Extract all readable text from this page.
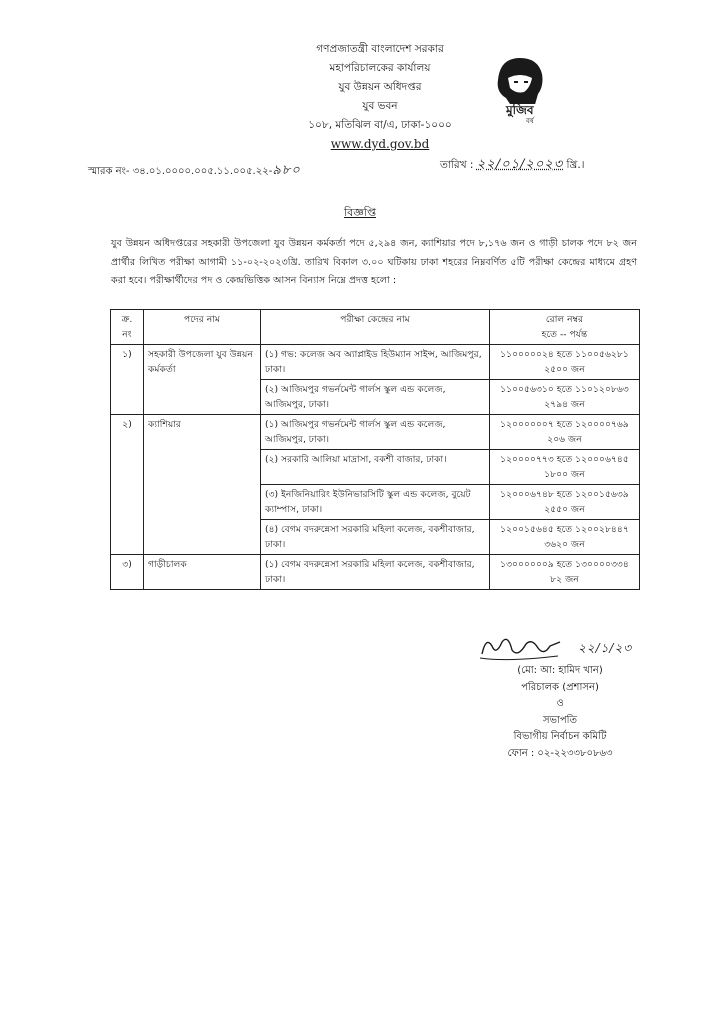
গণপ্রজাতন্ত্রী বাংলাদেশ সরকার
মহাপরিচালকের কার্যালয়
যুব উন্নয়ন অধিদপ্তর
যুব ভবন
১০৮, মতিঝিল বা/এ, ঢাকা-১০০০
www.dyd.gov.bd
মুজিব
বর্ষ
স্মারক নং- ৩৪.০১.০০০০.০০৫.১১.০০৫.২২-৯৮০	তারিখ : ২২/০১/২০২৩ খ্রি.।
বিজ্ঞপ্তি
যুব উন্নয়ন অধিদপ্তরের সহকারী উপজেলা যুব উন্নয়ন কর্মকর্তা পদে ৫,২৯৪ জন, ক্যাশিয়ার পদে ৮,১৭৬ জন ও গাড়ী চালক পদে ৮২ জন প্রার্থীর লিখিত পরীক্ষা আগামী ১১-০২-২০২৩খ্রি. তারিখ বিকাল ৩.০০ ঘটিকায় ঢাকা শহরের নিম্নবর্ণিত ৫টি পরীক্ষা কেন্দ্রের মাধ্যমে গ্রহণ করা হবে। পরীক্ষার্থীদের পদ ও কেন্দ্রভিত্তিক আসন বিন্যাস নিম্নে প্রদত্ত হলো :
ক্র.
নং	পদের নাম	পরীক্ষা কেন্দ্রের নাম	রোল নম্বর
হতে -- পর্যন্ত
১)	সহকারী উপজেলা যুব উন্নয়ন কর্মকর্তা	(১) গভ: কলেজ অব অ্যাপ্লাইড হিউম্যান সাইন্স, আজিমপুর, ঢাকা।	১১০০০০০২৪ হতে ১১০০৫৬২৮১
২৫০০ জন
		(২) আজিমপুর গভর্নমেন্ট গার্লস স্কুল এন্ড কলেজ, আজিমপুর, ঢাকা।	১১০০৫৬৩১০ হতে ১১০১২০৮৬৩
২৭৯৪ জন
২)	ক্যাশিয়ার	(১) আজিমপুর গভর্নমেন্ট গার্লস স্কুল এন্ড কলেজ, আজিমপুর, ঢাকা।	১২০০০০০০৭ হতে ১২০০০০৭৬৯
২০৬ জন
		(২) সরকারি আলিয়া মাদ্রাসা, বকশী বাজার, ঢাকা।	১২০০০০৭৭৩ হতে ১২০০০৬৭৪৫
১৮০০ জন
		(৩) ইনজিনিয়ারিং ইউনিভারসিটি স্কুল এন্ড কলেজ, বুয়েট ক্যাম্পাস, ঢাকা।	১২০০০৬৭৪৮ হতে ১২০০১৫৬৩৯
২৫৫০ জন
		(৪) বেগম বদরুন্নেসা সরকারি মহিলা কলেজ, বকশীবাজার, ঢাকা।	১২০০১৫৬৪৫ হতে ১২০০২৮৪৪৭
৩৬২০ জন
৩)	গাড়ীচালক	(১) বেগম বদরুন্নেসা সরকারি মহিলা কলেজ, বকশীবাজার, ঢাকা।	১৩০০০০০০৯ হতে ১৩০০০০৩৩৪
৮২ জন
২২/১/২৩
(মো: আ: হামিদ খান)
পরিচালক (প্রশাসন)
ও
সভাপতি
বিভাগীয় নির্বাচন কমিটি
ফোন : ০২-২২৩৩৮০৮৬৩
